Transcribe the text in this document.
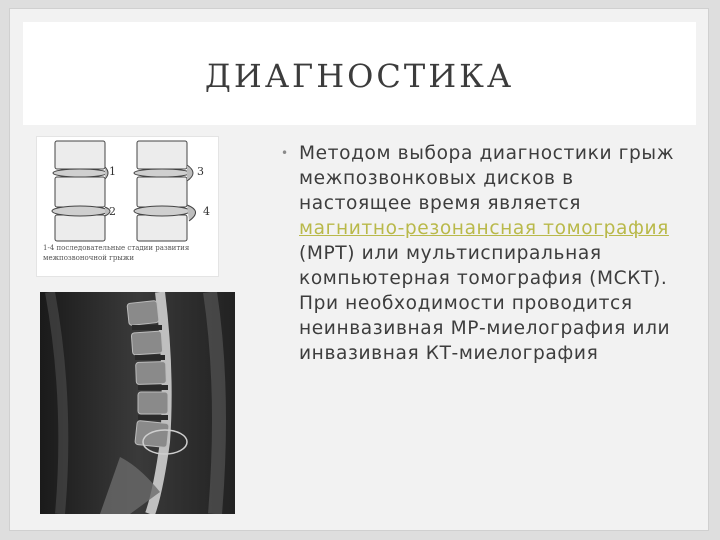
ДИАГНОСТИКА
1
2
3
4
1-4 последовательные стадии развития межпозвоночной грыжи
• Методом выбора диагностики грыж межпозвонковых дисков в настоящее время является магнитно-резонансная томография (МРТ) или мультиспиральная компьютерная томография (МСКТ). При необходимости проводится неинвазивная МР-миелография или инвазивная КТ-миелография
